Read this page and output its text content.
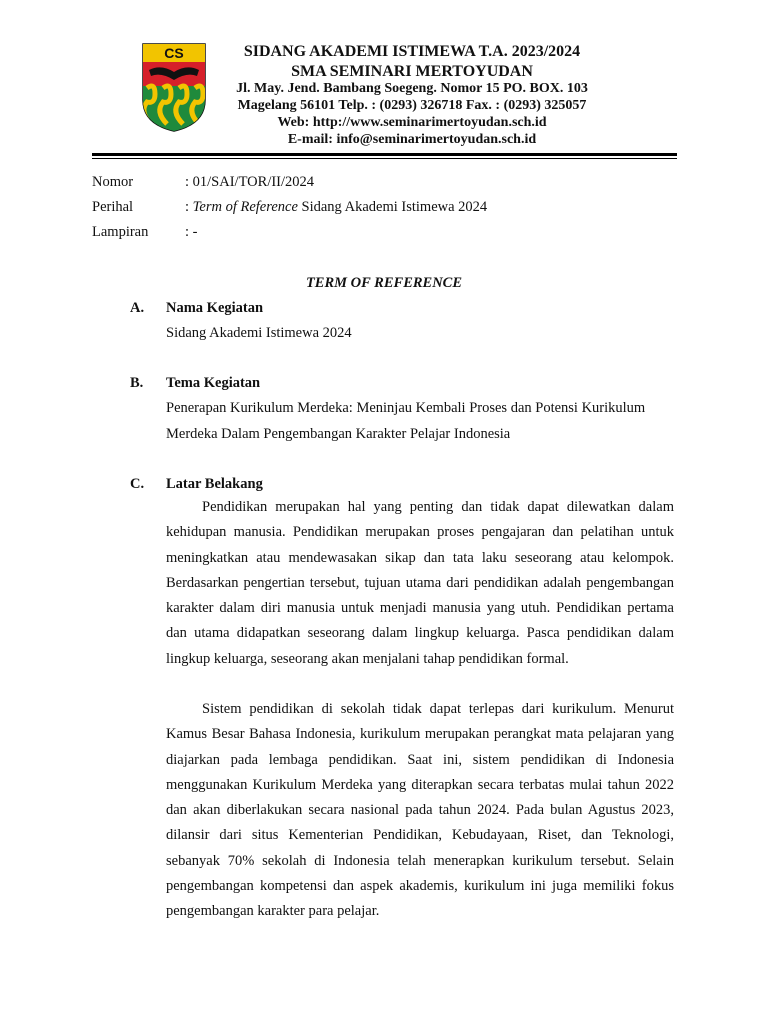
CS	SIDANG AKADEMI ISTIMEWA T.A. 2023/2024
SMA SEMINARI MERTOYUDAN
Jl. May. Jend. Bambang Soegeng. Nomor 15 PO. BOX. 103
Magelang 56101 Telp. : (0293) 326718 Fax. : (0293) 325057
Web: http://www.seminarimertoyudan.sch.id
E-mail: info@seminarimertoyudan.sch.id
Nomor	: 01/SAI/TOR/II/2024
Perihal	: Term of Reference Sidang Akademi Istimewa 2024
Lampiran	: -
TERM OF REFERENCE
A. Nama Kegiatan
Sidang Akademi Istimewa 2024
B. Tema Kegiatan
Penerapan Kurikulum Merdeka: Meninjau Kembali Proses dan Potensi Kurikulum
Merdeka Dalam Pengembangan Karakter Pelajar Indonesia
C. Latar Belakang

Pendidikan merupakan hal yang penting dan tidak dapat dilewatkan dalam kehidupan manusia. Pendidikan merupakan proses pengajaran dan pelatihan untuk meningkatkan atau mendewasakan sikap dan tata laku seseorang atau kelompok. Berdasarkan pengertian tersebut, tujuan utama dari pendidikan adalah pengembangan karakter dalam diri manusia untuk menjadi manusia yang utuh. Pendidikan pertama dan utama didapatkan seseorang dalam lingkup keluarga. Pasca pendidikan dalam lingkup keluarga, seseorang akan menjalani tahap pendidikan formal.

Sistem pendidikan di sekolah tidak dapat terlepas dari kurikulum. Menurut Kamus Besar Bahasa Indonesia, kurikulum merupakan perangkat mata pelajaran yang diajarkan pada lembaga pendidikan. Saat ini, sistem pendidikan di Indonesia menggunakan Kurikulum Merdeka yang diterapkan secara terbatas mulai tahun 2022 dan akan diberlakukan secara nasional pada tahun 2024. Pada bulan Agustus 2023, dilansir dari situs Kementerian Pendidikan, Kebudayaan, Riset, dan Teknologi, sebanyak 70% sekolah di Indonesia telah menerapkan kurikulum tersebut. Selain pengembangan kompetensi dan aspek akademis, kurikulum ini juga memiliki fokus pengembangan karakter para pelajar.
